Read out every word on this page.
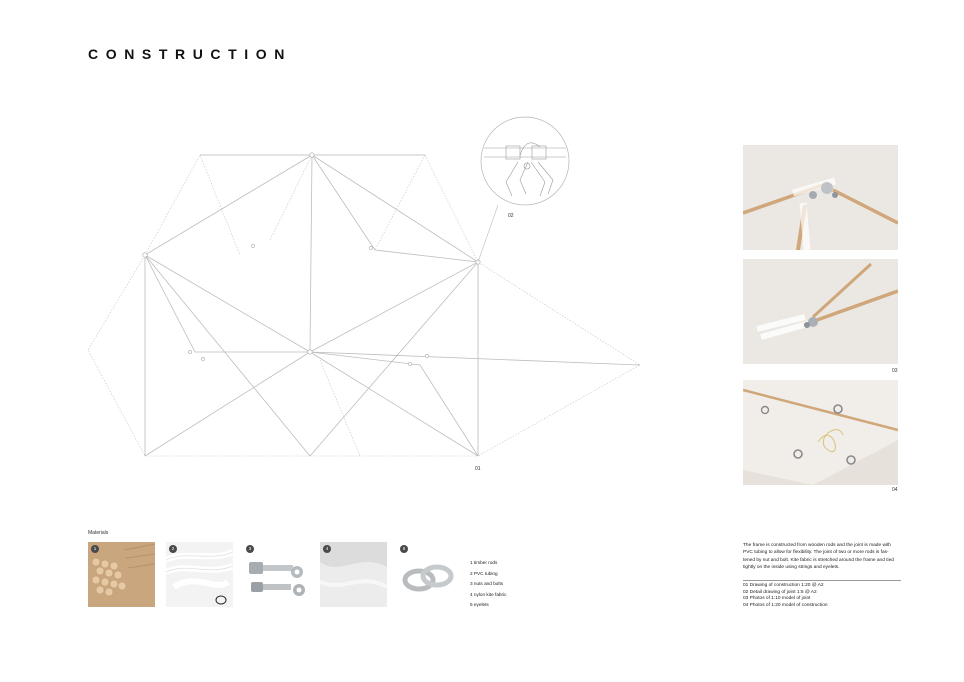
CONSTRUCTION
01
02
03
04
Materials
1	2	3	4	5
1 timber rods
2 PVC tubing
3 nuts and bolts
4 nylon kite fabric
5 eyelets
The frame is constructed from wooden rods and the joint is made with
PVC tubing to allow for flexibility. The joint of two or more rods is fas-
tened by nut and bolt. Kite fabric is stretched around the frame and tied
tightly on the inside using strings and eyelets.
01 Drawing of construction 1:20 @ A2
02 Detail drawing of joint 1:5 @ A2
03 Photos of 1:10 model of joint
04 Photos of 1:20 model of construction
